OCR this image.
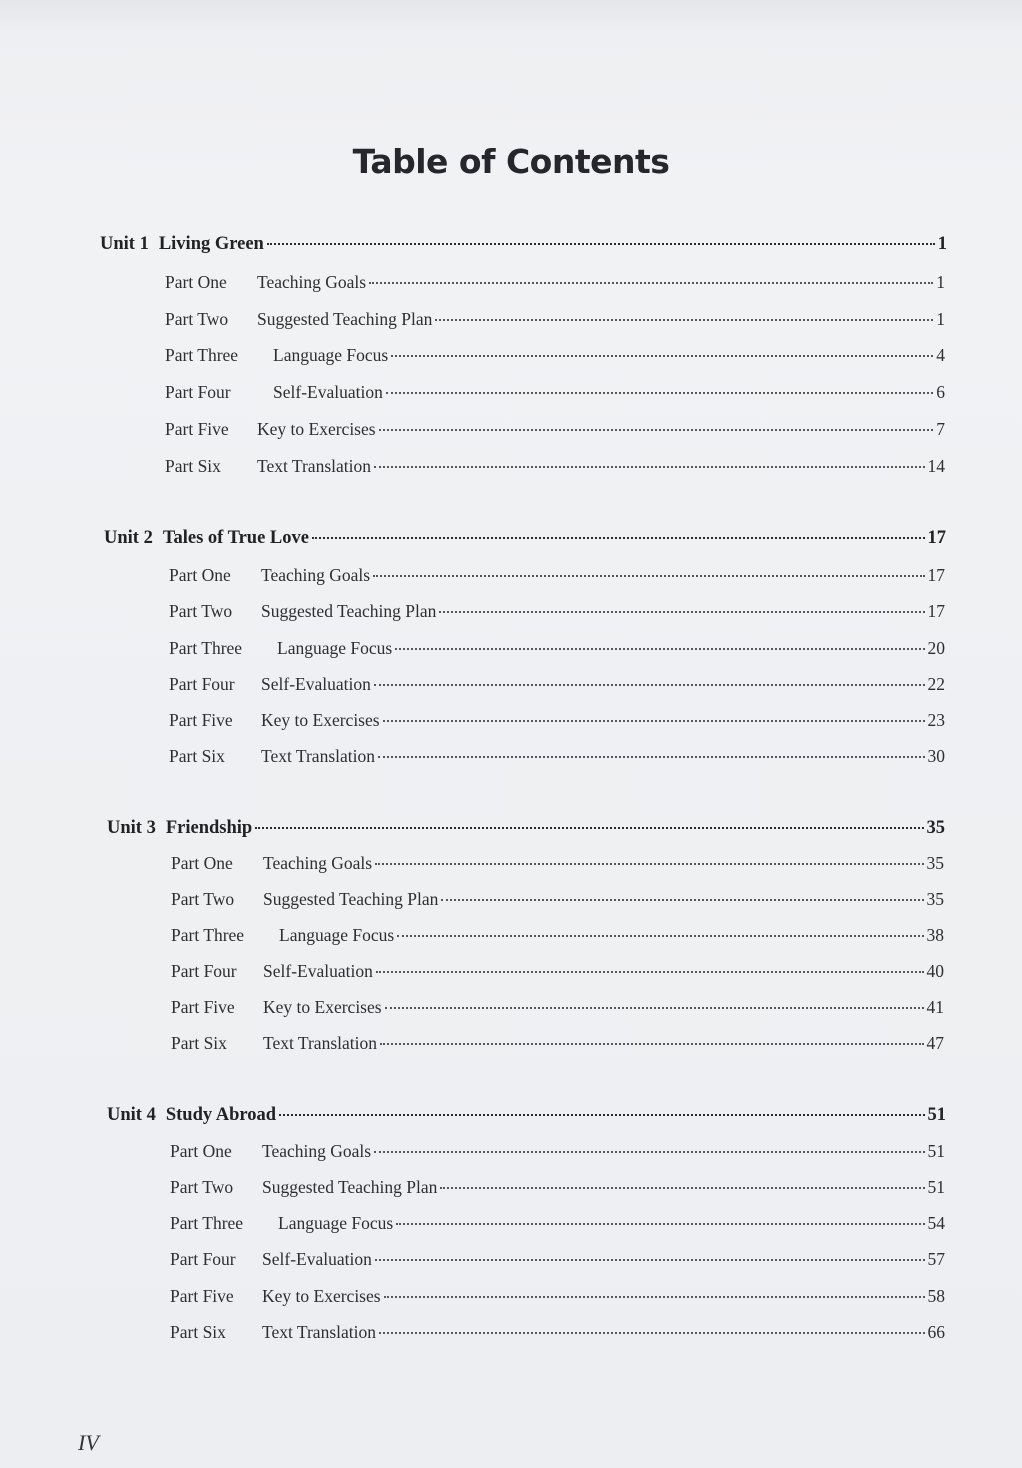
Table of Contents
Unit 1 Living Green	1
Part One	Teaching Goals	1
Part Two	Suggested Teaching Plan	1
Part Three	Language Focus	4
Part Four	Self-Evaluation	6
Part Five	Key to Exercises	7
Part Six	Text Translation	14
Unit 2 Tales of True Love	17
Part One	Teaching Goals	17
Part Two	Suggested Teaching Plan	17
Part Three	Language Focus	20
Part Four	Self-Evaluation	22
Part Five	Key to Exercises	23
Part Six	Text Translation	30
Unit 3 Friendship	35
Part One	Teaching Goals	35
Part Two	Suggested Teaching Plan	35
Part Three	Language Focus	38
Part Four	Self-Evaluation	40
Part Five	Key to Exercises	41
Part Six	Text Translation	47
Unit 4 Study Abroad	51
Part One	Teaching Goals	51
Part Two	Suggested Teaching Plan	51
Part Three	Language Focus	54
Part Four	Self-Evaluation	57
Part Five	Key to Exercises	58
Part Six	Text Translation	66
IV
